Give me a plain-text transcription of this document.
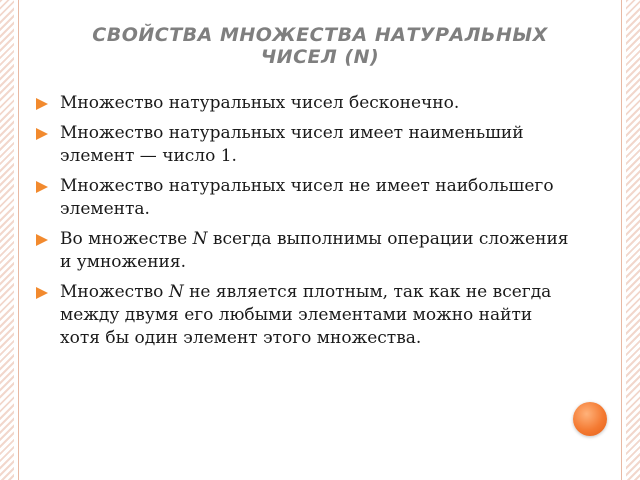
СВОЙСТВА МНОЖЕСТВА НАТУРАЛЬНЫХ
ЧИСЕЛ (N)
Множество натуральных чисел бесконечно.
Множество натуральных чисел имеет наименьший элемент — число 1.
Множество натуральных чисел не имеет наибольшего элемента.
Во множестве N всегда выполнимы операции сложения и умножения.
Множество N не является плотным, так как не всегда между двумя его любыми элементами можно найти хотя бы один элемент этого множества.
